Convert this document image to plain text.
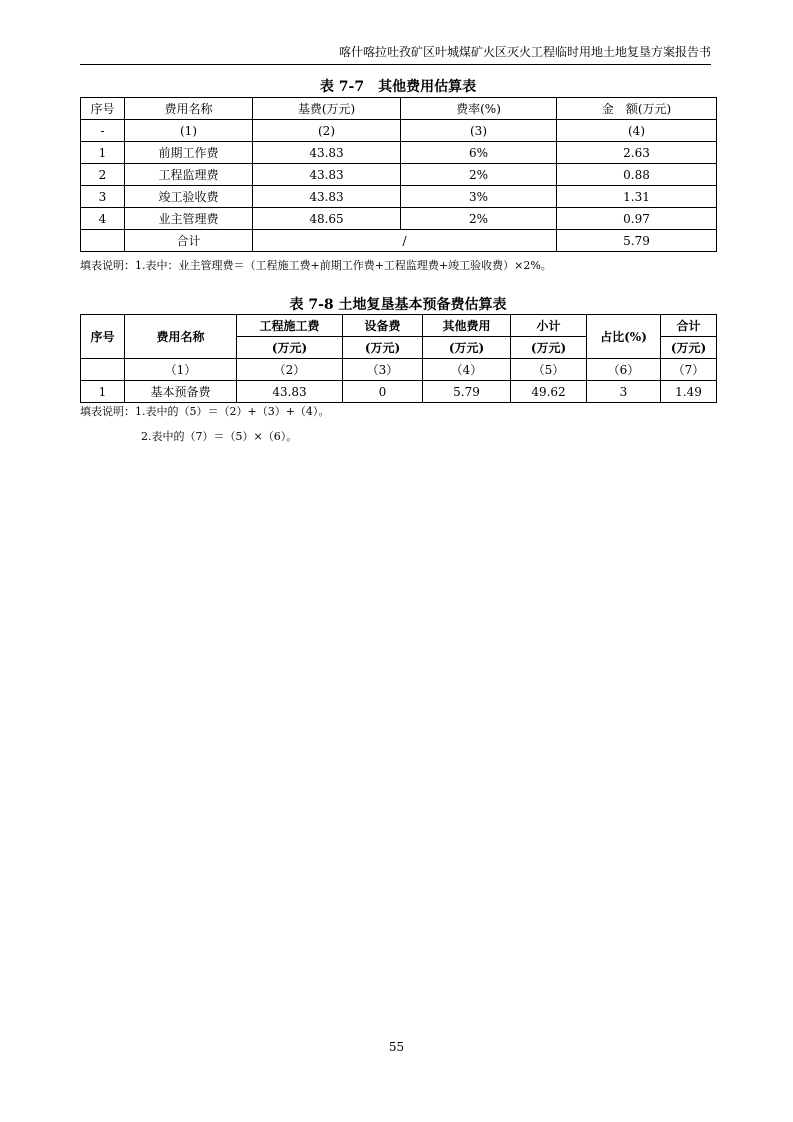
喀什喀拉吐孜矿区叶城煤矿火区灭火工程临时用地土地复垦方案报告书
表 7-7　其他费用估算表
序号	费用名称	基费(万元)	费率(%)	金　额(万元)
-	(1)	(2)	(3)	(4)
1	前期工作费	43.83	6%	2.63
2	工程监理费	43.83	2%	0.88
3	竣工验收费	43.83	3%	1.31
4	业主管理费	48.65	2%	0.97
	合计	/		5.79
填表说明：1.表中：业主管理费＝（工程施工费+前期工作费+工程监理费+竣工验收费）×2%。
表 7-8 土地复垦基本预备费估算表
序号	费用名称	工程施工费	设备费	其他费用	小计	占比(%)	合计
		(万元)	(万元)	(万元)	(万元)		(万元)
	（1）	（2）	（3）	（4）	（5）	（6）	（7）
1	基本预备费	43.83	0	5.79	49.62	3	1.49
填表说明：1.表中的（5）＝（2）+（3）+（4）。
2.表中的（7）＝（5）×（6）。
55
